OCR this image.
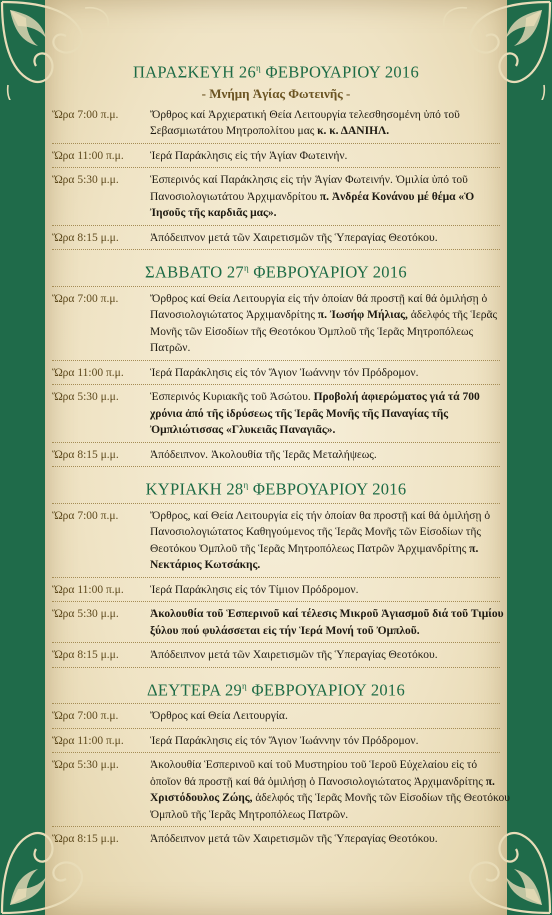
ΠΑΡΑΣΚΕΥΗ $26^\eta$ ΦΕΒΡΟΥΑΡΙΟΥ 2016
- Μνήμη Ἁγίας Φωτεινῆς -
Ὥρα 7:00 π.μ.	Ὄρθρος καί Ἀρχιερατική Θεία Λειτουργία τελεσθησομένη ὑπό τοῦ Σεβασμιωτάτου Μητροπολίτου μας κ. κ. ΔΑΝΙΗΛ.
Ὥρα 11:00 π.μ.	Ἱερά Παράκλησις εἰς τήν Ἁγίαν Φωτεινήν.
Ὥρα 5:30 μ.μ.	Ἑσπερινός καί Παράκλησις εἰς τήν Ἁγίαν Φωτεινήν. Ὁμιλία ὑπό τοῦ Πανοσιολογιωτάτου Ἀρχιμανδρίτου π. Ἀνδρέα Κονάνου μέ θέμα «Ὁ Ἰησοῦς τῆς καρδιᾶς μας».
Ὥρα 8:15 μ.μ.	Ἀπόδειπνον μετά τῶν Χαιρετισμῶν τῆς Ὑπεραγίας Θεοτόκου.
ΣΑΒΒΑΤΟ $27^\eta$ ΦΕΒΡΟΥΑΡΙΟΥ 2016
Ὥρα 7:00 π.μ.	Ὄρθρος καί Θεία Λειτουργία εἰς τήν ὁποίαν θά προστῇ καί θά ὁμιλήσῃ ὁ Πανοσιολογιώτατος Ἀρχιμανδρίτης π. Ἰωσήφ Μήλιας, ἀδελφός τῆς Ἱερᾶς Μονῆς τῶν Εἰσοδίων τῆς Θεοτόκου Ὀμπλοῦ τῆς Ἱερᾶς Μητροπόλεως Πατρῶν.
Ὥρα 11:00 π.μ.	Ἱερά Παράκλησις εἰς τόν Ἅγιον Ἰωάννην τόν Πρόδρομον.
Ὥρα 5:30 μ.μ.	Ἑσπερινός Κυριακῆς τοῦ Ἀσώτου. Προβολή ἀφιερώματος γιά τά 700 χρόνια ἀπό τῆς ἱδρύσεως τῆς Ἱερᾶς Μονῆς τῆς Παναγίας τῆς Ὀμπλιώτισσας «Γλυκειᾶς Παναγιᾶς».
Ὥρα 8:15 μ.μ.	Ἀπόδειπνον. Ἀκολουθία τῆς Ἱερᾶς Μεταλήψεως.
ΚΥΡΙΑΚΗ $28^\eta$ ΦΕΒΡΟΥΑΡΙΟΥ 2016
Ὥρα 7:00 π.μ.	Ὄρθρος, καί Θεία Λειτουργία εἰς τήν ὁποίαν θα προστῇ καί θά ὁμιλήσῃ ὁ Πανοσιολογιώτατος Καθηγούμενος τῆς Ἱερᾶς Μονῆς τῶν Εἰσοδίων τῆς Θεοτόκου Ὀμπλοῦ τῆς Ἱερᾶς Μητροπόλεως Πατρῶν Ἀρχιμανδρίτης π. Νεκτάριος Κωτσάκης.
Ὥρα 11:00 π.μ.	Ἱερά Παράκλησις εἰς τόν Τίμιον Πρόδρομον.
Ὥρα 5:30 μ.μ.	Ἀκολουθία τοῦ Ἑσπερινοῦ καί τέλεσις Μικροῦ Ἁγιασμοῦ διά τοῦ Τιμίου ξύλου πού φυλάσσεται εἰς τήν Ἱερά Μονή τοῦ Ὀμπλοῦ.
Ὥρα 8:15 μ.μ.	Ἀπόδειπνον μετά τῶν Χαιρετισμῶν τῆς Ὑπεραγίας Θεοτόκου.
ΔΕΥΤΕΡΑ $29^\eta$ ΦΕΒΡΟΥΑΡΙΟΥ 2016
Ὥρα 7:00 π.μ.	Ὄρθρος καί Θεία Λειτουργία.
Ὥρα 11:00 π.μ.	Ἱερά Παράκλησις εἰς τόν Ἅγιον Ἰωάννην τόν Πρόδρομον.
Ὥρα 5:30 μ.μ.	Ἀκολουθία Ἑσπερινοῦ καί τοῦ Μυστηρίου τοῦ Ἱεροῦ Εὐχελαίου εἰς τό ὁποῖον θά προστῇ καί θά ὁμιλήσῃ ὁ Πανοσιολογιώτατος Ἀρχιμανδρίτης π. Χριστόδουλος Ζώης, ἀδελφός τῆς Ἱερᾶς Μονῆς τῶν Εἰσοδίων τῆς Θεοτόκου Ὀμπλοῦ τῆς Ἱερᾶς Μητροπόλεως Πατρῶν.
Ὥρα 8:15 μ.μ.	Ἀπόδειπνον μετά τῶν Χαιρετισμῶν τῆς Ὑπεραγίας Θεοτόκου.
